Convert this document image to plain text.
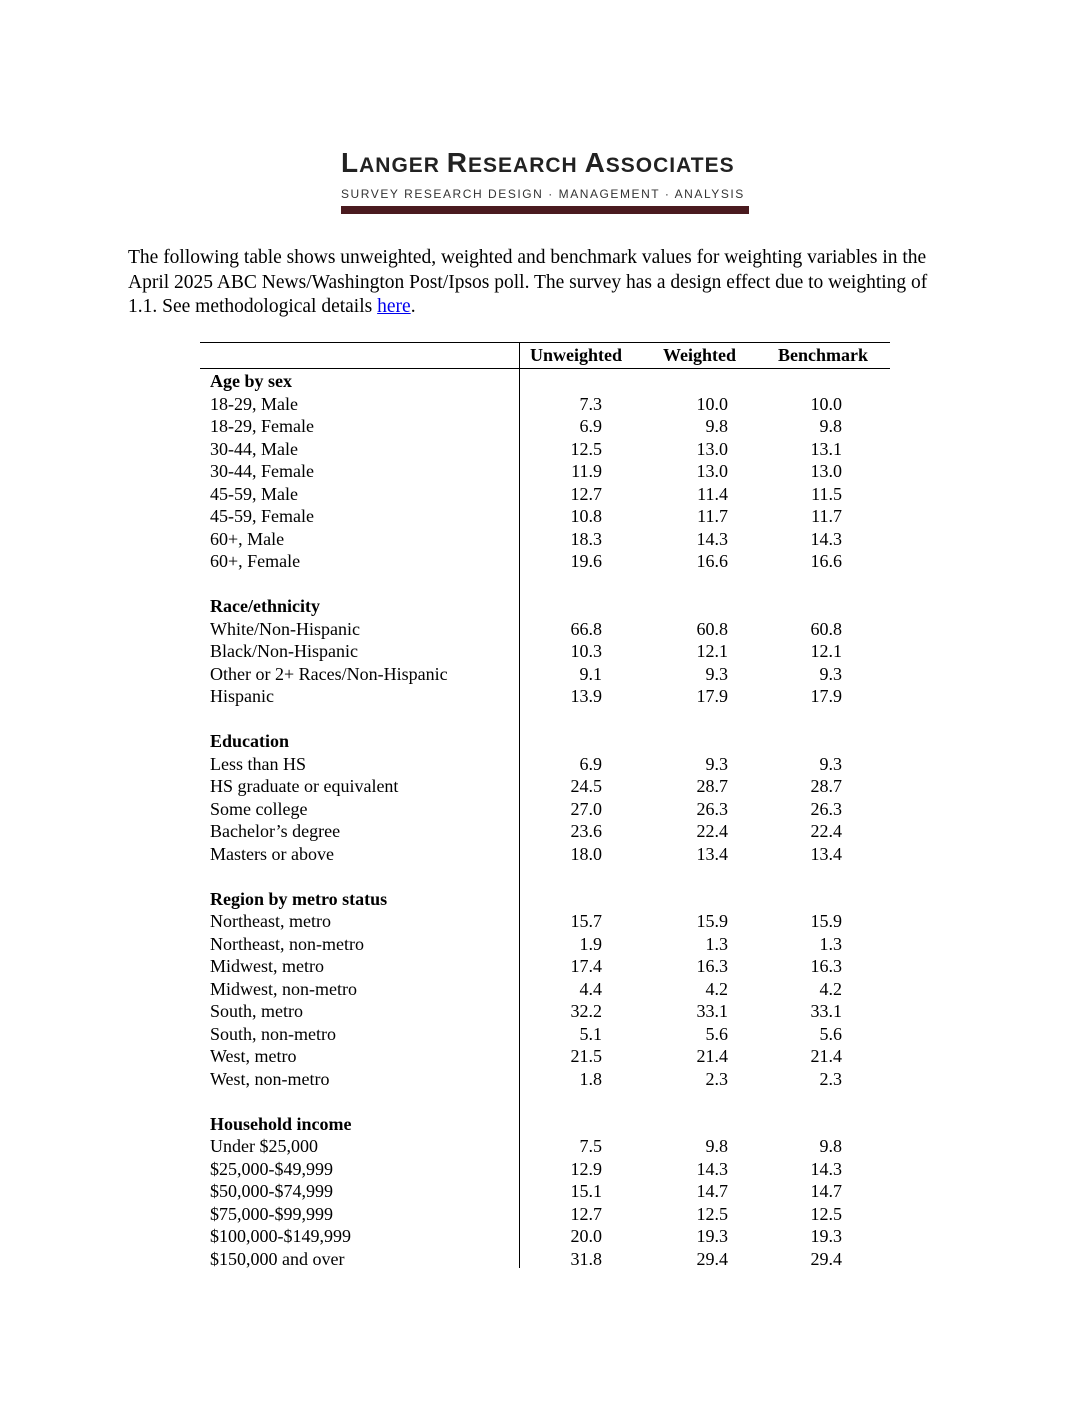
LANGER RESEARCH ASSOCIATES
SURVEY RESEARCH DESIGN · MANAGEMENT · ANALYSIS

The following table shows unweighted, weighted and benchmark values for weighting variables in the April 2025 ABC News/Washington Post/Ipsos poll. The survey has a design effect due to weighting of 1.1. See methodological details here.

Unweighted Weighted Benchmark
Age by sex
18-29, Male	7.3	10.0	10.0
18-29, Female	6.9	9.8	9.8
30-44, Male	12.5	13.0	13.1
30-44, Female	11.9	13.0	13.0
45-59, Male	12.7	11.4	11.5
45-59, Female	10.8	11.7	11.7
60+, Male	18.3	14.3	14.3
60+, Female	19.6	16.6	16.6
Race/ethnicity
White/Non-Hispanic	66.8	60.8	60.8
Black/Non-Hispanic	10.3	12.1	12.1
Other or 2+ Races/Non-Hispanic	9.1	9.3	9.3
Hispanic	13.9	17.9	17.9
Education
Less than HS	6.9	9.3	9.3
HS graduate or equivalent	24.5	28.7	28.7
Some college	27.0	26.3	26.3
Bachelor’s degree	23.6	22.4	22.4
Masters or above	18.0	13.4	13.4
Region by metro status
Northeast, metro	15.7	15.9	15.9
Northeast, non-metro	1.9	1.3	1.3
Midwest, metro	17.4	16.3	16.3
Midwest, non-metro	4.4	4.2	4.2
South, metro	32.2	33.1	33.1
South, non-metro	5.1	5.6	5.6
West, metro	21.5	21.4	21.4
West, non-metro	1.8	2.3	2.3
Household income
Under $25,000	7.5	9.8	9.8
$25,000-$49,999	12.9	14.3	14.3
$50,000-$74,999	15.1	14.7	14.7
$75,000-$99,999	12.7	12.5	12.5
$100,000-$149,999	20.0	19.3	19.3
$150,000 and over	31.8	29.4	29.4
